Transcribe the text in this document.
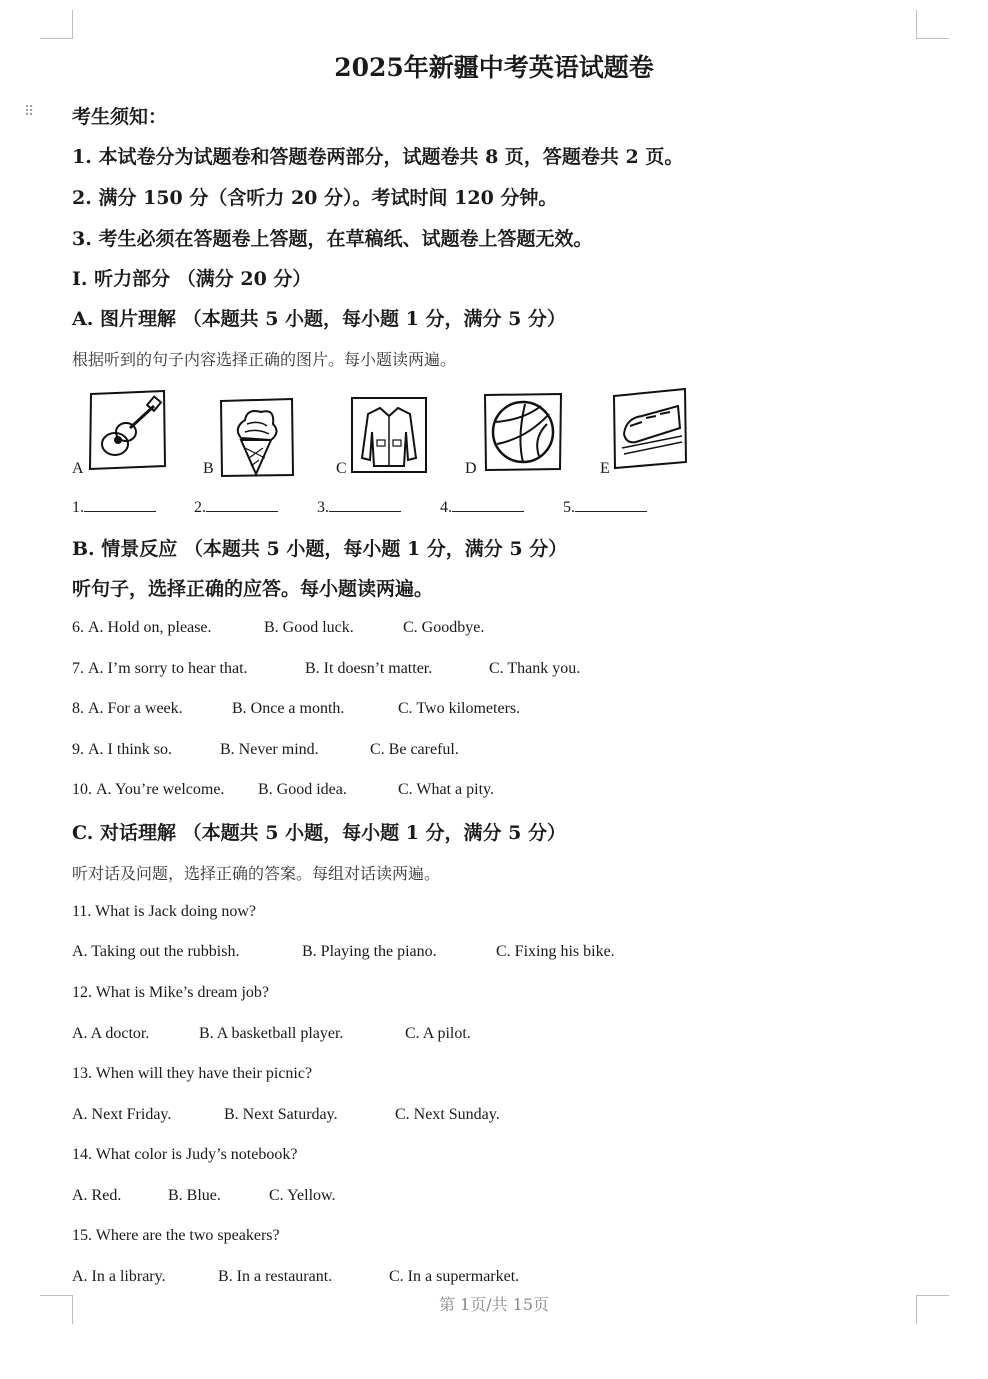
⠿
2025年新疆中考英语试题卷
考生须知：
1. 本试卷分为试题卷和答题卷两部分，试题卷共 8 页，答题卷共 2 页。
2. 满分 150 分（含听力 20 分）。考试时间 120 分钟。
3. 考生必须在答题卷上答题，在草稿纸、试题卷上答题无效。
I. 听力部分 （满分 20 分）
A. 图片理解 （本题共 5 小题，每小题 1 分，满分 5 分）
根据听到的句子内容选择正确的图片。每小题读两遍。
A	B	C	D	E
1.	2.	3.	4.	5.
B. 情景反应 （本题共 5 小题，每小题 1 分，满分 5 分）
听句子，选择正确的应答。每小题读两遍。
6. A. Hold on, please.	B. Good luck.	C. Goodbye.
7. A. I’m sorry to hear that.	B. It doesn’t matter.	C. Thank you.
8. A. For a week.	B. Once a month.	C. Two kilometers.
9. A. I think so.	B. Never mind.	C. Be careful.
10. A. You’re welcome. B. Good idea.	C. What a pity.
C. 对话理解 （本题共 5 小题，每小题 1 分，满分 5 分）
听对话及问题，选择正确的答案。每组对话读两遍。
11. What is Jack doing now?
A. Taking out the rubbish.	B. Playing the piano.	C. Fixing his bike.
12. What is Mike’s dream job?
A. A doctor.	B. A basketball player.	C. A pilot.
13. When will they have their picnic?
A. Next Friday.	B. Next Saturday.	C. Next Sunday.
14. What color is Judy’s notebook?
A. Red.	B. Blue.	C. Yellow.
15. Where are the two speakers?
A. In a library.	B. In a restaurant.	C. In a supermarket.
第 1页/共 15页
